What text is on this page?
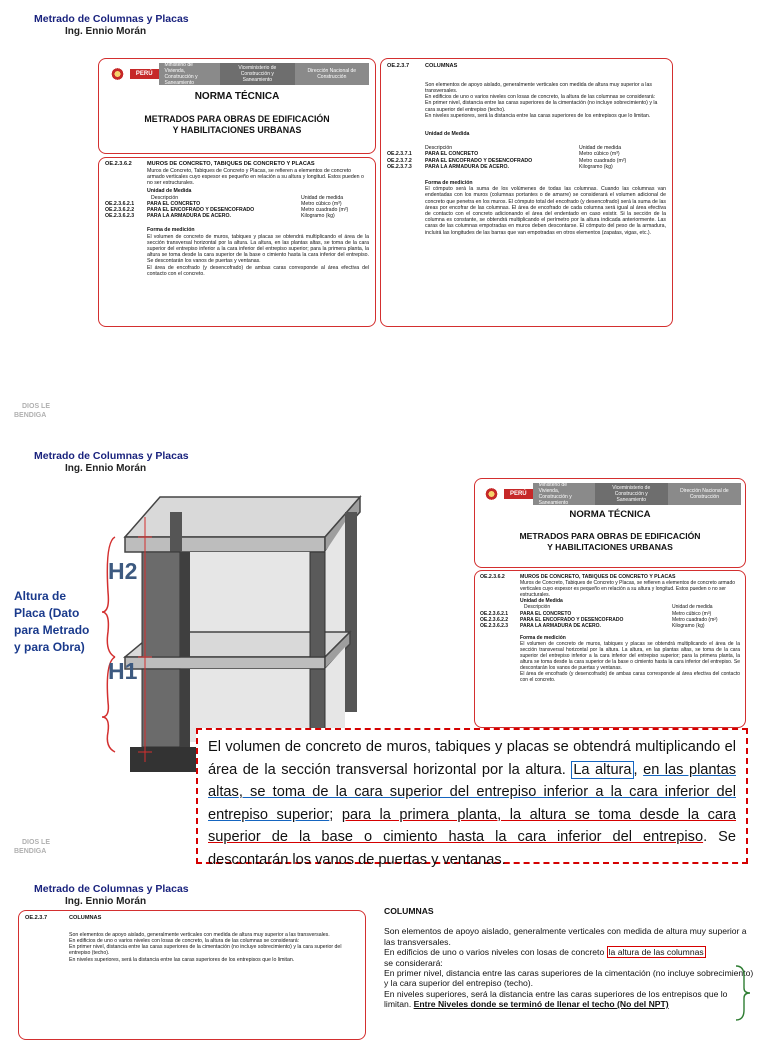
Metrado de Columnas y Placas
Ing. Ennio Morán
PERÚ
Ministerio de Vivienda, Construcción y Saneamiento
Viceministerio de Construcción y Saneamiento
Dirección Nacional de Construcción
NORMA TÉCNICA
METRADOS PARA OBRAS DE EDIFICACIÓN
Y HABILITACIONES URBANAS
OE.2.3.6.2	MUROS DE CONCRETO, TABIQUES DE CONCRETO Y PLACAS
Muros de Concreto, Tabiques de Concreto y Placas, se refieren a elementos de concreto armado verticales cuyo espesor es pequeño en relación a su altura y longitud. Estos pueden o no ser estructurales.
Unidad de Medida
Descripción	Unidad de medida
OE.2.3.6.2.1	PARA EL CONCRETO	Metro cúbico (m³)
OE.2.3.6.2.2	PARA EL ENCOFRADO Y DESENCOFRADO	Metro cuadrado (m²)
OE.2.3.6.2.3	PARA LA ARMADURA DE ACERO.	Kilogramo (kg)
Forma de medición
El volumen de concreto de muros, tabiques y placas se obtendrá multiplicando el área de la sección transversal horizontal por la altura. La altura, en las plantas altas, se toma de la cara superior del entrepiso inferior a la cara inferior del entrepiso superior; para la primera planta, la altura se toma desde la cara superior de la base o cimiento hasta la cara inferior del entrepiso. Se descontarán los vanos de puertas y ventanas.
El área de encofrado (y desencofrado) de ambas caras corresponde al área efectiva del contacto con el concreto.
OE.2.3.7	COLUMNAS
Son elementos de apoyo aislado, generalmente verticales con medida de altura muy superior a las transversales.
En edificios de uno o varios niveles con losas de concreto, la altura de las columnas se considerará:
En primer nivel, distancia entre las caras superiores de la cimentación (no incluye sobrecimiento) y la cara superior del entrepiso (techo).
En niveles superiores, será la distancia entre las caras superiores de los entrepisos que lo limitan.
Unidad de Medida
Descripción	Unidad de medida
OE.2.3.7.1	PARA EL CONCRETO	Metro cúbico (m³)
OE.2.3.7.2	PARA EL ENCOFRADO Y DESENCOFRADO	Metro cuadrado (m²)
OE.2.3.7.3	PARA LA ARMADURA DE ACERO.	Kilogramo (kg)
Forma de medición
El cómputo será la suma de los volúmenes de todas las columnas. Cuando las columnas van endentadas con los muros (columnas portantes o de amarre) se considerará el volumen adicional de concreto que penetra en los muros. El cómputo total del encofrado (y desencofrado) será la suma de las áreas por encofrar de las columnas. El área de encofrado de cada columna será igual al área efectiva de contacto con el concreto adicionando el área del endentado en caso existir. Si la sección de la columna es constante, se obtendrá multiplicando el perímetro por la altura indicada anteriormente. Las caras de las columnas empotradas en muros deben descontarse. El cómputo del peso de la armadura, incluirá las longitudes de las barras que van empotradas en otros elementos (zapatas, vigas, etc.).
DIOS LE
BENDIGA
Metrado de Columnas y Placas
Ing. Ennio Morán
H2
H1
Altura de
Placa (Dato
para Metrado
y para Obra)
PERÚ
Ministerio de Vivienda, Construcción y Saneamiento
Viceministerio de Construcción y Saneamiento
Dirección Nacional de Construcción
NORMA TÉCNICA
METRADOS PARA OBRAS DE EDIFICACIÓN
Y HABILITACIONES URBANAS
OE.2.3.6.2	MUROS DE CONCRETO, TABIQUES DE CONCRETO Y PLACAS
Muros de Concreto, Tabiques de Concreto y Placas, se refieren a elementos de concreto armado verticales cuyo espesor es pequeño en relación a su altura y longitud. Estos pueden o no ser estructurales.
Unidad de Medida
Descripción	Unidad de medida
OE.2.3.6.2.1	PARA EL CONCRETO	Metro cúbico (m³)
OE.2.3.6.2.2	PARA EL ENCOFRADO Y DESENCOFRADO	Metro cuadrado (m²)
OE.2.3.6.2.3	PARA LA ARMADURA DE ACERO.	Kilogramo (kg)
Forma de medición
El volumen de concreto de muros, tabiques y placas se obtendrá multiplicando el área de la sección transversal horizontal por la altura. La altura, en las plantas altas, se toma de la cara superior del entrepiso inferior a la cara inferior del entrepiso superior; para la primera planta, la altura se toma desde la cara superior de la base o cimiento hasta la cara inferior del entrepiso. Se descontarán los vanos de puertas y ventanas.
El área de encofrado (y desencofrado) de ambas caras corresponde al área efectiva del contacto con el concreto.
El volumen de concreto de muros, tabiques y placas se obtendrá multiplicando el área de la sección transversal horizontal por la altura. La altura , en las plantas altas, se toma de la cara superior del entrepiso inferior a la cara inferior del entrepiso superior; para la primera planta, la altura se toma desde la cara superior de la base o cimiento hasta la cara inferior del entrepiso. Se descontarán los vanos de puertas y ventanas.
DIOS LE
BENDIGA
Metrado de Columnas y Placas
Ing. Ennio Morán
OE.2.3.7	COLUMNAS
Son elementos de apoyo aislado, generalmente verticales con medida de altura muy superior a las transversales.
En edificios de uno o varios niveles con losas de concreto, la altura de las columnas se considerará:
En primer nivel, distancia entre las caras superiores de la cimentación (no incluye sobrecimiento) y la cara superior del entrepiso (techo).
En niveles superiores, será la distancia entre las caras superiores de los entrepisos que lo limitan.
COLUMNAS
Son elementos de apoyo aislado, generalmente verticales con medida de altura muy superior a las transversales.
En edificios de uno o varios niveles con losas de concreto la altura de las columnas
se considerará:
En primer nivel, distancia entre las caras superiores de la cimentación (no incluye sobrecimiento) y la cara superior del entrepiso (techo).
En niveles superiores, será la distancia entre las caras superiores de los entrepisos que lo limitan. Entre Niveles donde se terminó de llenar el techo (No del NPT)
